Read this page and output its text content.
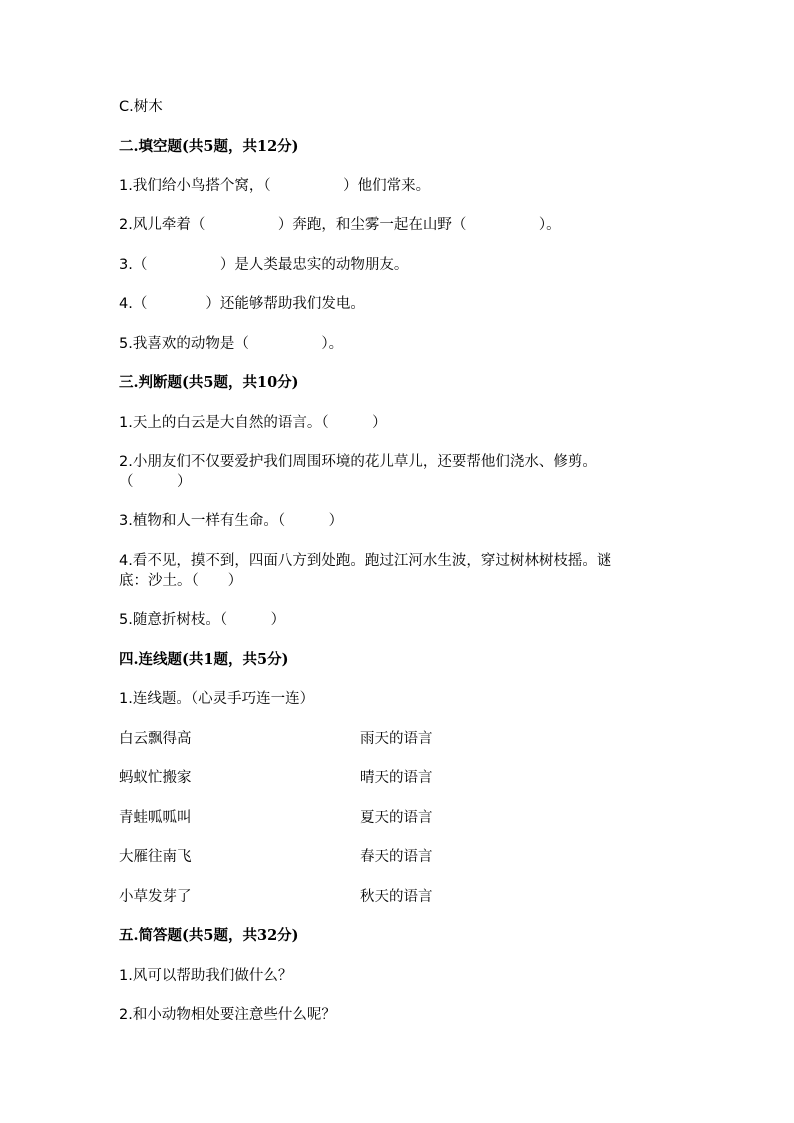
C.树木
二.填空题(共5题，共12分)
1.我们给小鸟搭个窝，（　　　　　）他们常来。
2.风儿牵着（　　　　　）奔跑，和尘雾一起在山野（　　　　　）。
3.（　　　　　）是人类最忠实的动物朋友。
4.（　　　　）还能够帮助我们发电。
5.我喜欢的动物是（　　　　　）。
三.判断题(共5题，共10分)
1.天上的白云是大自然的语言。（　　　）
2.小朋友们不仅要爱护我们周围环境的花儿草儿，还要帮他们浇水、修剪。
（　　　）
3.植物和人一样有生命。（　　　）
4.看不见，摸不到，四面八方到处跑。跑过江河水生波，穿过树林树枝摇。谜
底：沙土。（　　）
5.随意折树枝。（　　　）
四.连线题(共1题，共5分)
1.连线题。（心灵手巧连一连）
白云飘得高	雨天的语言
蚂蚁忙搬家	晴天的语言
青蛙呱呱叫	夏天的语言
大雁往南飞	春天的语言
小草发芽了	秋天的语言
五.简答题(共5题，共32分)
1.风可以帮助我们做什么？
2.和小动物相处要注意些什么呢？
